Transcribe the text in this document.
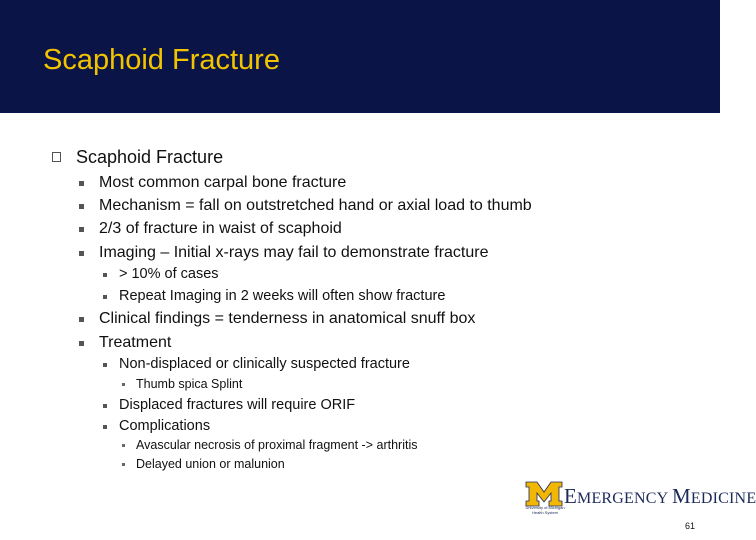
Scaphoid Fracture
Scaphoid Fracture
Most common carpal bone fracture
Mechanism = fall on outstretched hand or axial load to thumb
2/3 of fracture in waist of scaphoid
Imaging – Initial x-rays may fail to demonstrate fracture
> 10% of cases
Repeat Imaging in 2 weeks will often show fracture
Clinical findings = tenderness in anatomical snuff box
Treatment
Non-displaced or clinically suspected fracture
Thumb spica Splint
Displaced fractures will require ORIF
Complications
Avascular necrosis of proximal fragment -> arthritis
Delayed union or malunion
EMERGENCY MEDICINE
University of Michigan
Health System
61
